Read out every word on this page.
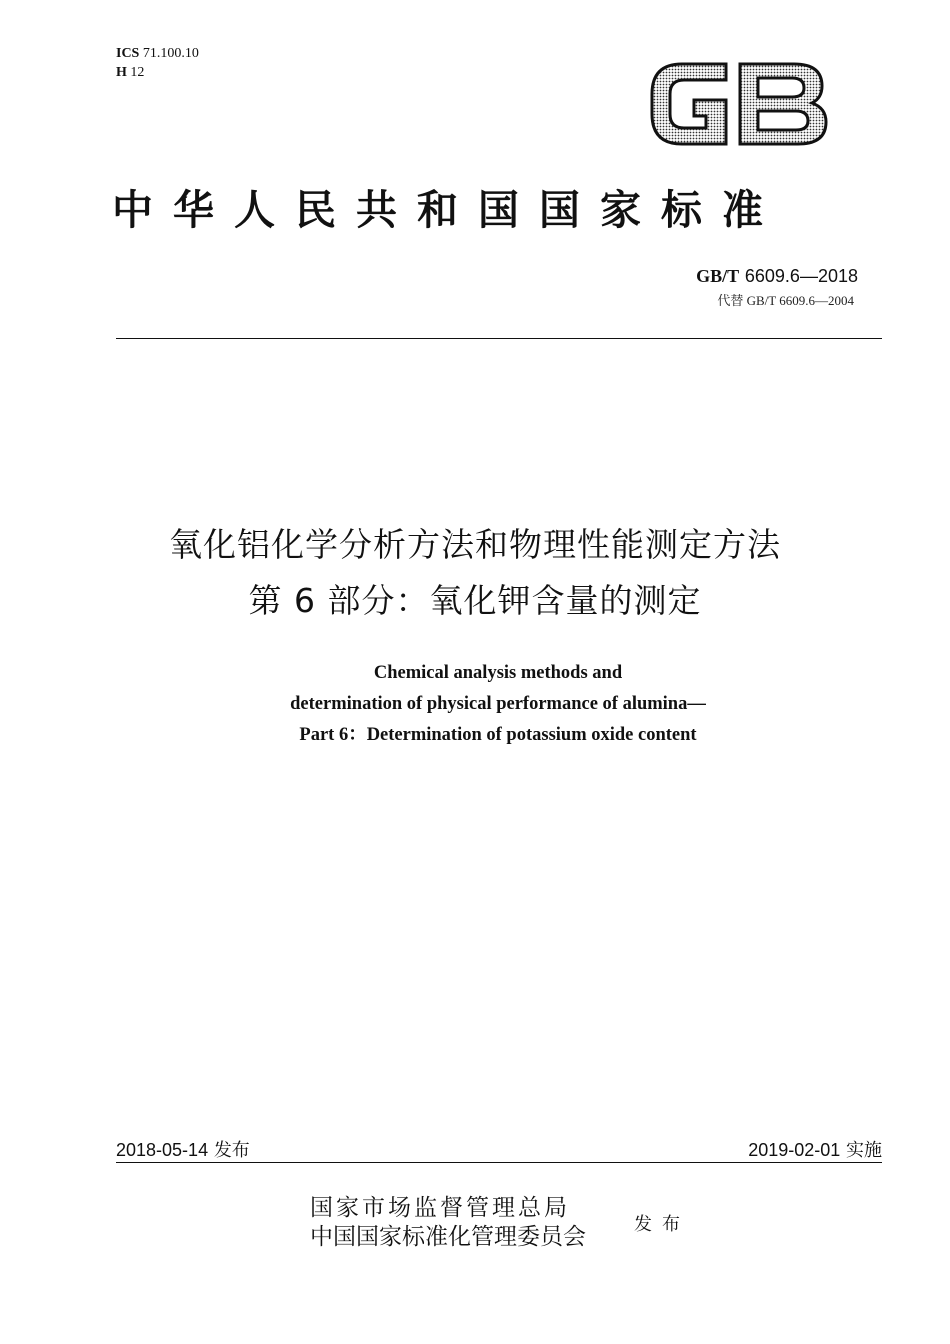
ICS 71.100.10
H 12
中华人民共和国国家标准
GB/T 6609.6—2018
代替 GB/T 6609.6—2004
氧化铝化学分析方法和物理性能测定方法
第 6 部分：氧化钾含量的测定
Chemical analysis methods and
determination of physical performance of alumina—
Part 6：Determination of potassium oxide content
2018-05-14 发布	2019-02-01 实施
国家市场监督管理总局
中国国家标准化管理委员会	发布
